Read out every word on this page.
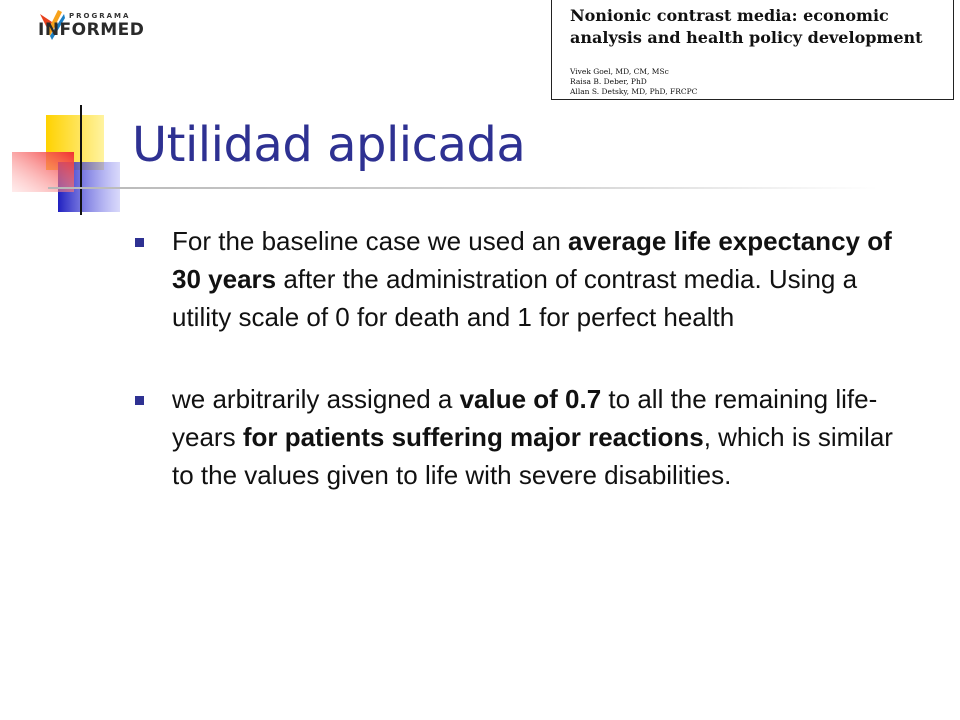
PROGRAMA
INFORMED
Nonionic contrast media: economic analysis and health policy development
Vivek Goel, MD, CM, MSc
Raisa B. Deber, PhD
Allan S. Detsky, MD, PhD, FRCPC
Utilidad aplicada
For the baseline case we used an average life expectancy of 30 years after the administration of contrast media. Using a utility scale of 0 for death and 1 for perfect health
we arbitrarily assigned a value of 0.7 to all the remaining life-years for patients suffering major reactions, which is similar to the values given to life with severe disabilities.
